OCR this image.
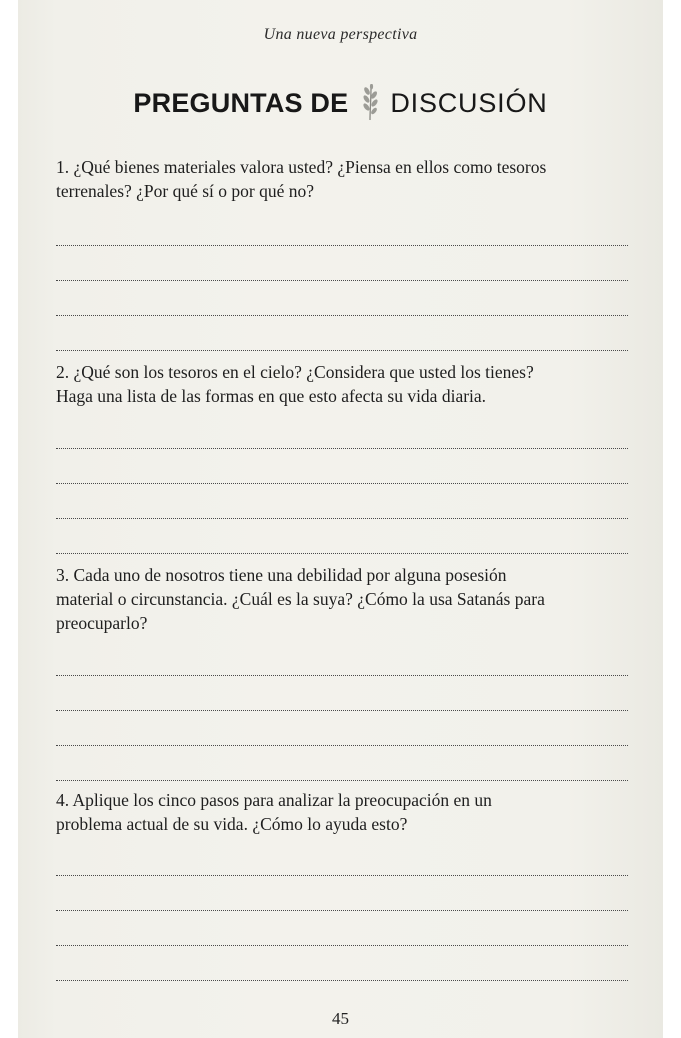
Una nueva perspectiva
PREGUNTAS DE DISCUSIÓN

1. ¿Qué bienes materiales valora usted? ¿Piensa en ellos como tesoros

terrenales? ¿Por qué sí o por qué no?

2. ¿Qué son los tesoros en el cielo? ¿Considera que usted los tienes?

Haga una lista de las formas en que esto afecta su vida diaria.

3. Cada uno de nosotros tiene una debilidad por alguna posesión

material o circunstancia. ¿Cuál es la suya? ¿Cómo la usa Satanás para

preocuparlo?

4. Aplique los cinco pasos para analizar la preocupación en un

problema actual de su vida. ¿Cómo lo ayuda esto?

45
